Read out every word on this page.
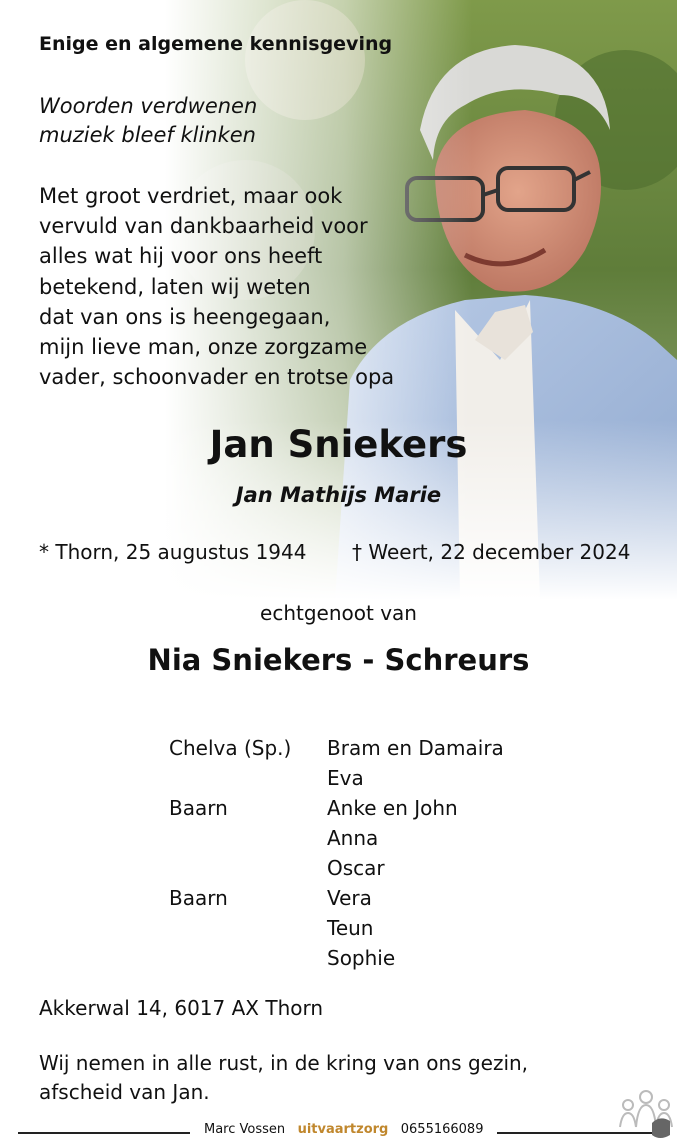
Enige en algemene kennisgeving
Woorden verdwenen
muziek bleef klinken
Met groot verdriet, maar ook
vervuld van dankbaarheid voor
alles wat hij voor ons heeft
betekend, laten wij weten
dat van ons is heengegaan,
mijn lieve man, onze zorgzame
vader, schoonvader en trotse opa
Jan Sniekers
Jan Mathijs Marie
* Thorn, 25 augustus 1944 † Weert, 22 december 2024
echtgenoot van
Nia Sniekers - Schreurs
Chelva (Sp.) Bram en Damaira
Eva
Baarn	Anke en John
Anna
Oscar
Baarn	Vera
Teun
Sophie
Akkerwal 14, 6017 AX Thorn
Wij nemen in alle rust, in de kring van ons gezin,
afscheid van Jan.
Marc Vossen uitvaartzorg 0655166089
